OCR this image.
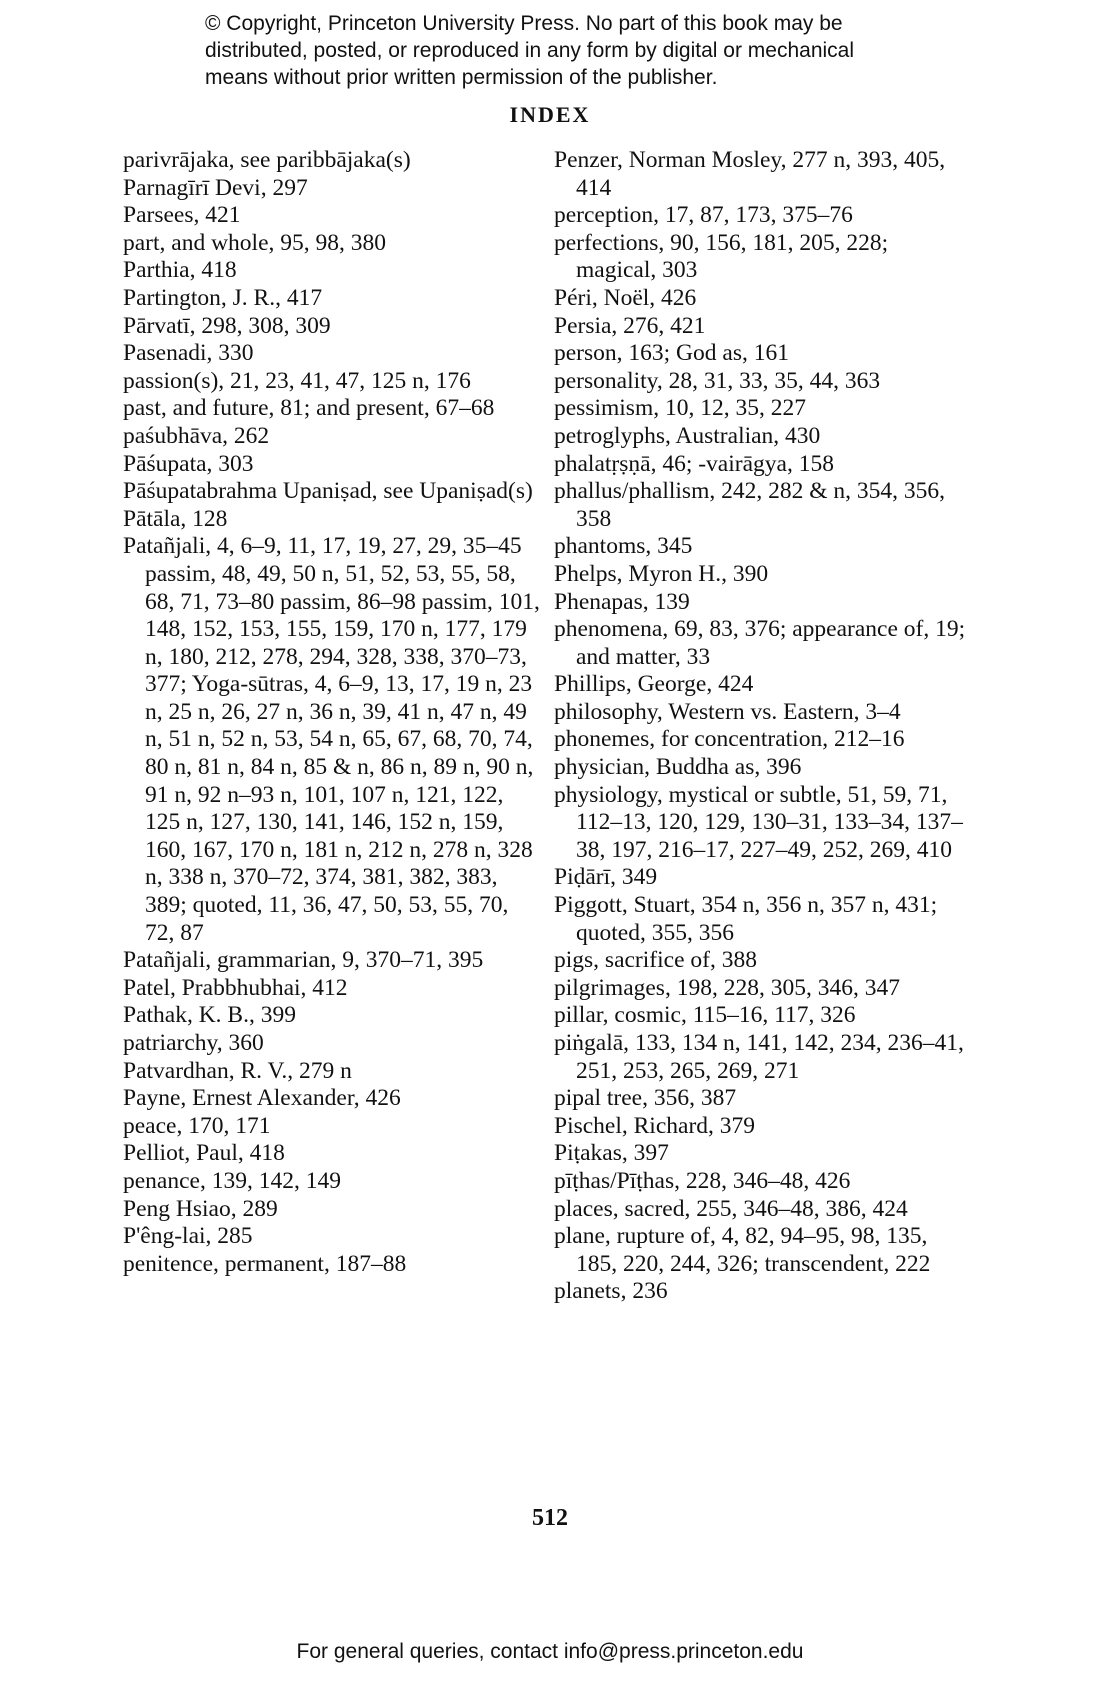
© Copyright, Princeton University Press. No part of this book may be
distributed, posted, or reproduced in any form by digital or mechanical
means without prior written permission of the publisher.
INDEX

parivrājaka, see paribbājaka(s)

Parnagīrī Devi, 297

Parsees, 421

part, and whole, 95, 98, 380

Parthia, 418

Partington, J. R., 417

Pārvatī, 298, 308, 309

Pasenadi, 330

passion(s), 21, 23, 41, 47, 125 n, 176

past, and future, 81; and present, 67–68

paśubhāva, 262

Pāśupata, 303

Pāśupatabrahma Upaniṣad, see Upaniṣad(s)

Pātāla, 128

Patañjali, 4, 6–9, 11, 17, 19, 27, 29, 35–45 passim, 48, 49, 50 n, 51, 52, 53, 55, 58, 68, 71, 73–80 passim, 86–98 passim, 101, 148, 152, 153, 155, 159, 170 n, 177, 179 n, 180, 212, 278, 294, 328, 338, 370–73, 377; Yoga-sūtras, 4, 6–9, 13, 17, 19 n, 23 n, 25 n, 26, 27 n, 36 n, 39, 41 n, 47 n, 49 n, 51 n, 52 n, 53, 54 n, 65, 67, 68, 70, 74, 80 n, 81 n, 84 n, 85 & n, 86 n, 89 n, 90 n, 91 n, 92 n–93 n, 101, 107 n, 121, 122, 125 n, 127, 130, 141, 146, 152 n, 159, 160, 167, 170 n, 181 n, 212 n, 278 n, 328 n, 338 n, 370–72, 374, 381, 382, 383, 389; quoted, 11, 36, 47, 50, 53, 55, 70, 72, 87

Patañjali, grammarian, 9, 370–71, 395

Patel, Prabbhubhai, 412

Pathak, K. B., 399

patriarchy, 360

Patvardhan, R. V., 279 n

Payne, Ernest Alexander, 426

peace, 170, 171

Pelliot, Paul, 418

penance, 139, 142, 149

Peng Hsiao, 289

P'êng-lai, 285

penitence, permanent, 187–88

Penzer, Norman Mosley, 277 n, 393, 405, 414

perception, 17, 87, 173, 375–76

perfections, 90, 156, 181, 205, 228; magical, 303

Péri, Noël, 426

Persia, 276, 421

person, 163; God as, 161

personality, 28, 31, 33, 35, 44, 363

pessimism, 10, 12, 35, 227

petroglyphs, Australian, 430

phalatṛṣṇā, 46; -vairāgya, 158

phallus/phallism, 242, 282 & n, 354, 356, 358

phantoms, 345

Phelps, Myron H., 390

Phenapas, 139

phenomena, 69, 83, 376; appearance of, 19; and matter, 33

Phillips, George, 424

philosophy, Western vs. Eastern, 3–4

phonemes, for concentration, 212–16

physician, Buddha as, 396

physiology, mystical or subtle, 51, 59, 71, 112–13, 120, 129, 130–31, 133–34, 137–38, 197, 216–17, 227–49, 252, 269, 410

Piḍārī, 349

Piggott, Stuart, 354 n, 356 n, 357 n, 431; quoted, 355, 356

pigs, sacrifice of, 388

pilgrimages, 198, 228, 305, 346, 347

pillar, cosmic, 115–16, 117, 326

piṅgalā, 133, 134 n, 141, 142, 234, 236–41, 251, 253, 265, 269, 271

pipal tree, 356, 387

Pischel, Richard, 379

Piṭakas, 397

pīṭhas/Pīṭhas, 228, 346–48, 426

places, sacred, 255, 346–48, 386, 424

plane, rupture of, 4, 82, 94–95, 98, 135, 185, 220, 244, 326; transcendent, 222

planets, 236

512
For general queries, contact info@press.princeton.edu
